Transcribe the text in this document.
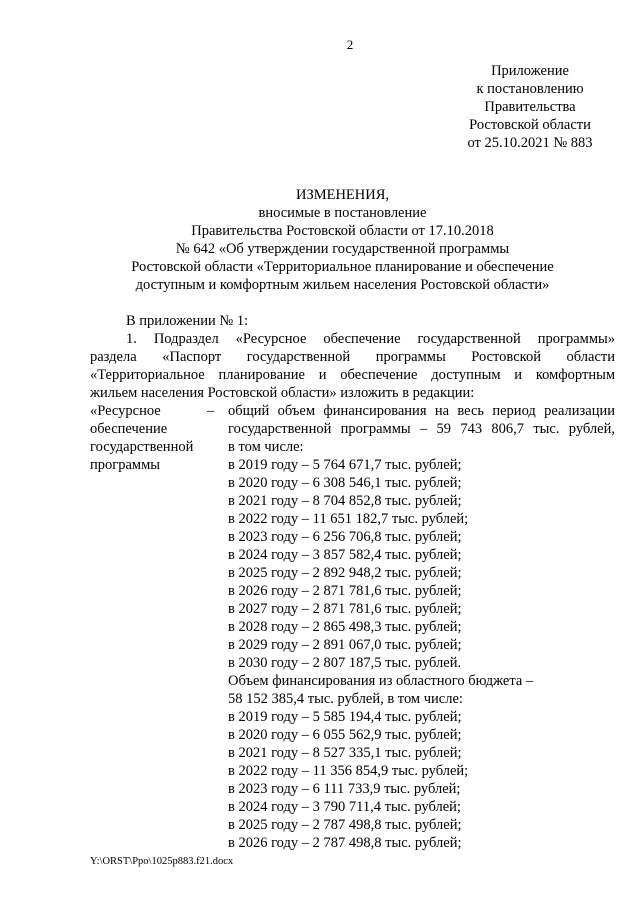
2
Приложение
к постановлению
Правительства
Ростовской области
от 25.10.2021 № 883
ИЗМЕНЕНИЯ,
вносимые в постановление
Правительства Ростовской области от 17.10.2018
№ 642 «Об утверждении государственной программы
Ростовской области «Территориальное планирование и обеспечение
доступным и комфортным жильем населения Ростовской области»
В приложении № 1:
1. Подраздел «Ресурсное обеспечение государственной программы»
раздела «Паспорт государственной программы Ростовской области
«Территориальное планирование и обеспечение доступным и комфортным
жильем населения Ростовской области» изложить в редакции:
«Ресурсное
обеспечение
государственной
программы
– общий объем финансирования на весь период реализации
государственной программы – 59 743 806,7 тыс. рублей,
в том числе:
в 2019 году – 5 764 671,7 тыс. рублей;
в 2020 году – 6 308 546,1 тыс. рублей;
в 2021 году – 8 704 852,8 тыс. рублей;
в 2022 году – 11 651 182,7 тыс. рублей;
в 2023 году – 6 256 706,8 тыс. рублей;
в 2024 году – 3 857 582,4 тыс. рублей;
в 2025 году – 2 892 948,2 тыс. рублей;
в 2026 году – 2 871 781,6 тыс. рублей;
в 2027 году – 2 871 781,6 тыс. рублей;
в 2028 году – 2 865 498,3 тыс. рублей;
в 2029 году – 2 891 067,0 тыс. рублей;
в 2030 году – 2 807 187,5 тыс. рублей.
Объем финансирования из областного бюджета –
58 152 385,4 тыс. рублей, в том числе:
в 2019 году – 5 585 194,4 тыс. рублей;
в 2020 году – 6 055 562,9 тыс. рублей;
в 2021 году – 8 527 335,1 тыс. рублей;
в 2022 году – 11 356 854,9 тыс. рублей;
в 2023 году – 6 111 733,9 тыс. рублей;
в 2024 году – 3 790 711,4 тыс. рублей;
в 2025 году – 2 787 498,8 тыс. рублей;
в 2026 году – 2 787 498,8 тыс. рублей;
Y:\ORST\Ppo\1025p883.f21.docx
